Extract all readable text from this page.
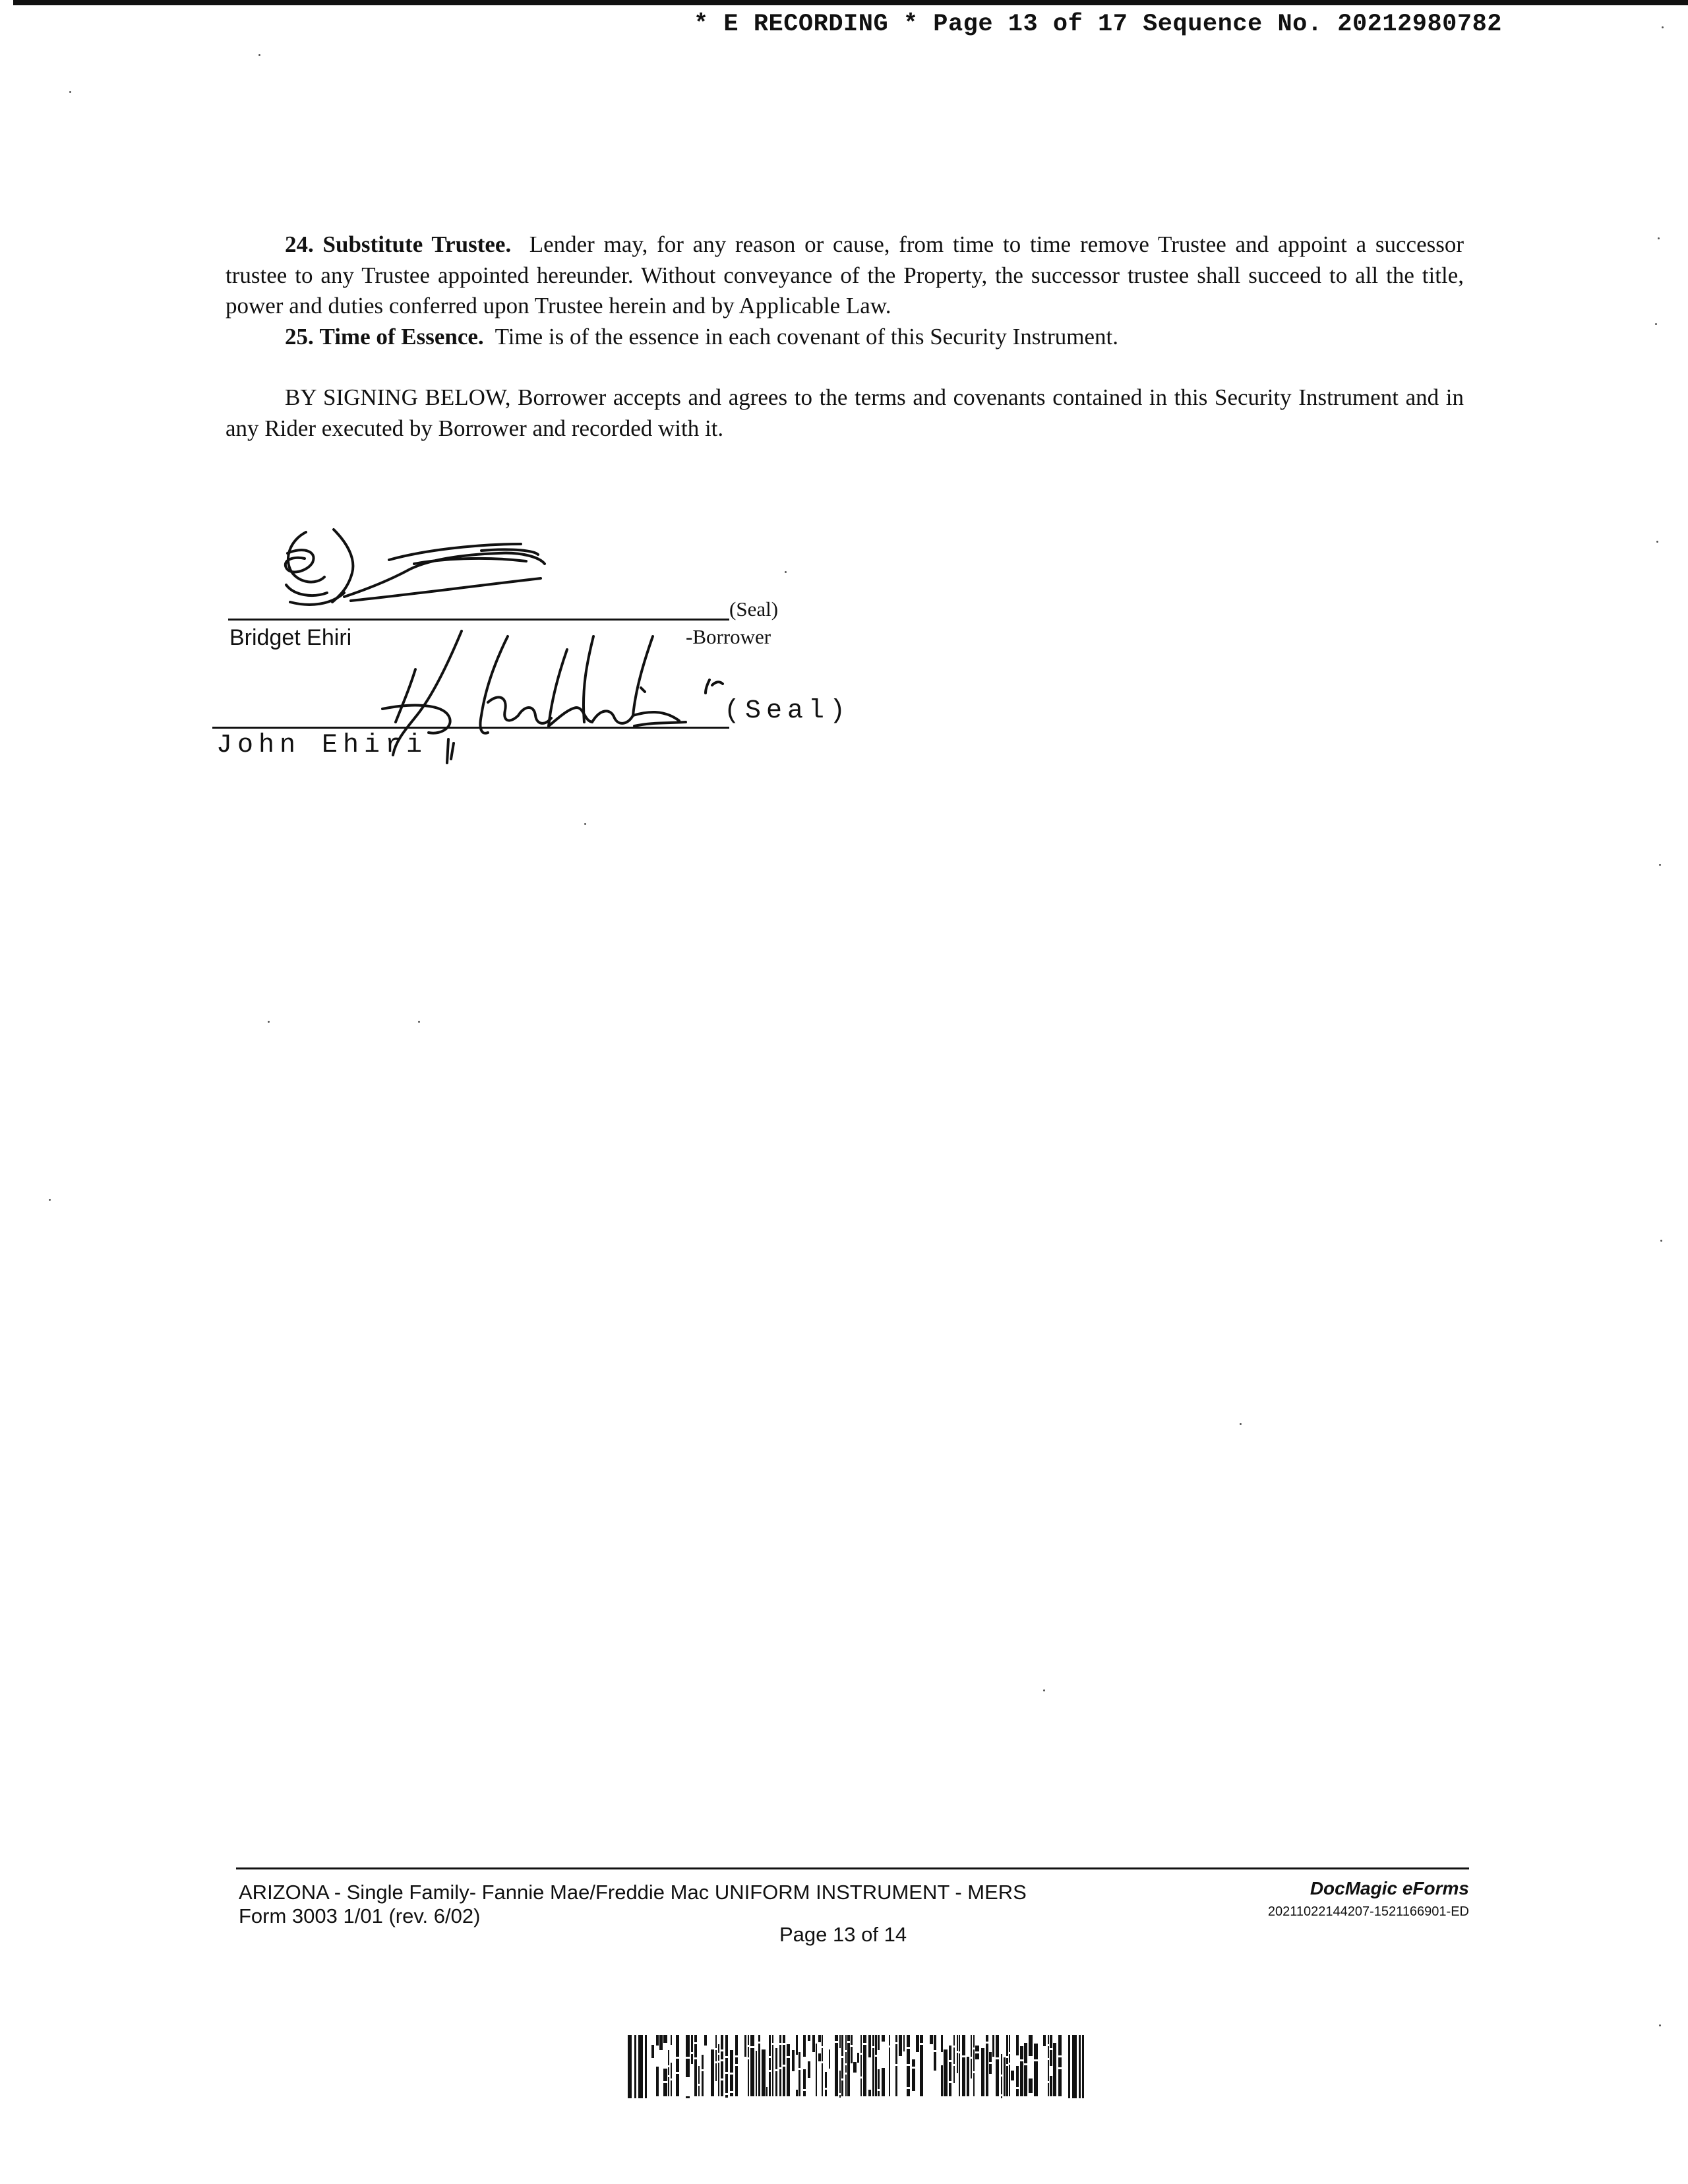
* E RECORDING * Page 13 of 17 Sequence No. 20212980782

24. Substitute Trustee. Lender may, for any reason or cause, from time to time remove Trustee and appoint a successor trustee to any Trustee appointed hereunder. Without conveyance of the Property, the successor trustee shall succeed to all the title, power and duties conferred upon Trustee herein and by Applicable Law.

25. Time of Essence. Time is of the essence in each covenant of this Security Instrument.

BY SIGNING BELOW, Borrower accepts and agrees to the terms and covenants contained in this Security Instrument and in any Rider executed by Borrower and recorded with it.

(Seal)
Bridget Ehiri	-Borrower
(Seal)
John Ehiri
ARIZONA - Single Family- Fannie Mae/Freddie Mac UNIFORM INSTRUMENT - MERS
Form 3003 1/01 (rev. 6/02)
Page 13 of 14
DocMagic eForms
20211022144207-1521166901-ED
